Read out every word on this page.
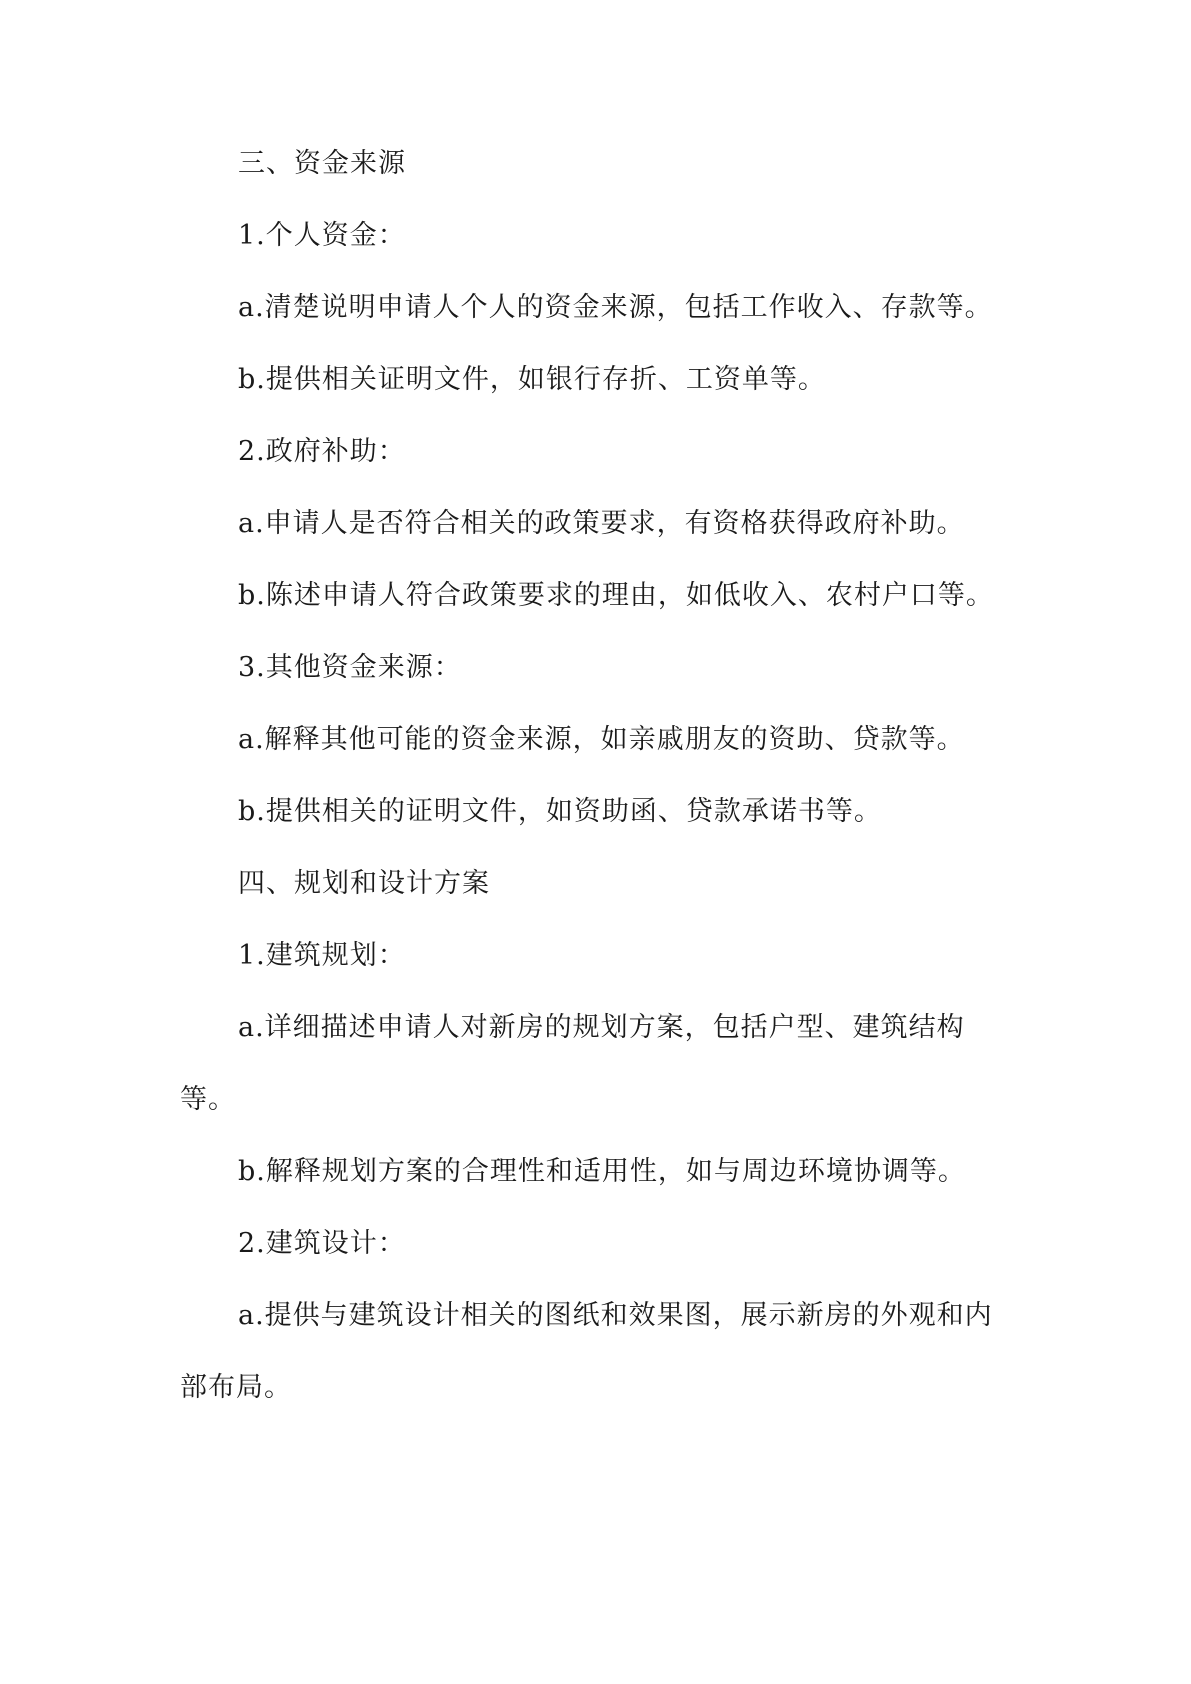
三、资金来源

1.个人资金：

a.清楚说明申请人个人的资金来源，包括工作收入、存款等。

b.提供相关证明文件，如银行存折、工资单等。

2.政府补助：

a.申请人是否符合相关的政策要求，有资格获得政府补助。

b.陈述申请人符合政策要求的理由，如低收入、农村户口等。

3.其他资金来源：

a.解释其他可能的资金来源，如亲戚朋友的资助、贷款等。

b.提供相关的证明文件，如资助函、贷款承诺书等。

四、规划和设计方案

1.建筑规划：

a.详细描述申请人对新房的规划方案，包括户型、建筑结构等。

b.解释规划方案的合理性和适用性，如与周边环境协调等。

2.建筑设计：

a.提供与建筑设计相关的图纸和效果图，展示新房的外观和内部布局。
